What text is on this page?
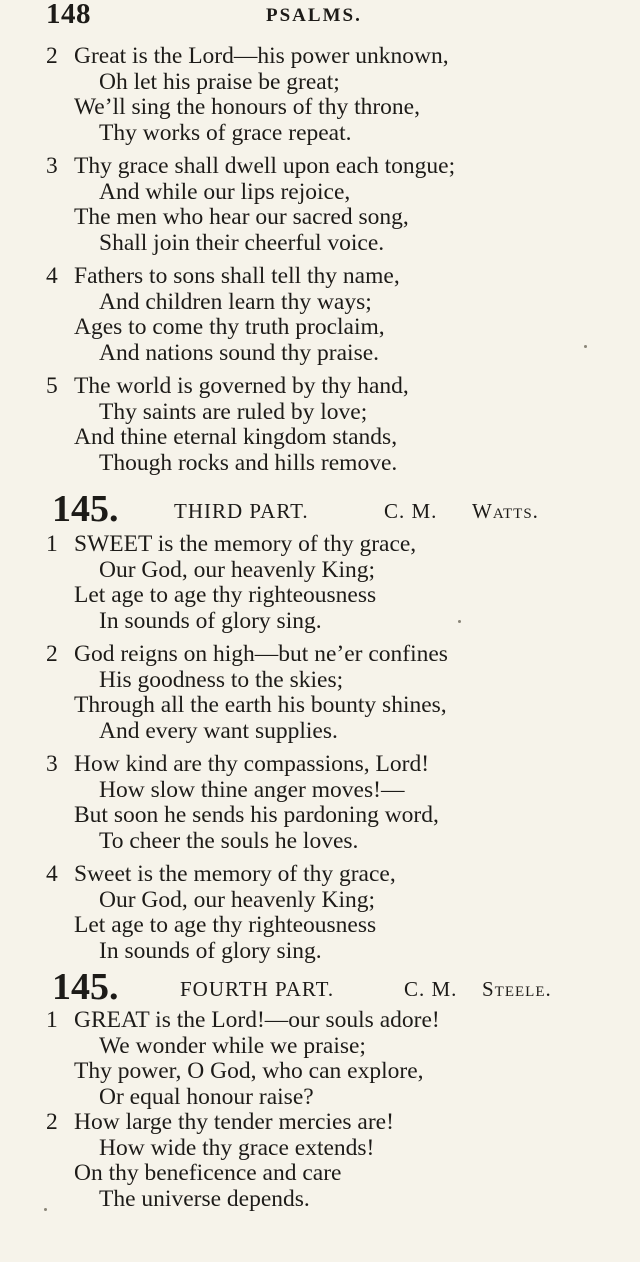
148	PSALMS.
2 Great is the Lord—his power unknown,
Oh let his praise be great;
We’ll sing the honours of thy throne,
Thy works of grace repeat.
3 Thy grace shall dwell upon each tongue;
And while our lips rejoice,
The men who hear our sacred song,
Shall join their cheerful voice.
4 Fathers to sons shall tell thy name,
And children learn thy ways;
Ages to come thy truth proclaim,
And nations sound thy praise.
5 The world is governed by thy hand,
Thy saints are ruled by love;
And thine eternal kingdom stands,
Though rocks and hills remove.
145.	THIRD PART.	C. M. Watts.
1 SWEET is the memory of thy grace,
Our God, our heavenly King;
Let age to age thy righteousness
In sounds of glory sing.
2 God reigns on high—but ne’er confines
His goodness to the skies;
Through all the earth his bounty shines,
And every want supplies.
3 How kind are thy compassions, Lord!
How slow thine anger moves!—
But soon he sends his pardoning word,
To cheer the souls he loves.
4 Sweet is the memory of thy grace,
Our God, our heavenly King;
Let age to age thy righteousness
In sounds of glory sing.
145.	FOURTH PART.	C. M. Steele.
1 GREAT is the Lord!—our souls adore!
We wonder while we praise;
Thy power, O God, who can explore,
Or equal honour raise?
2 How large thy tender mercies are!
How wide thy grace extends!
On thy beneficence and care
The universe depends.
